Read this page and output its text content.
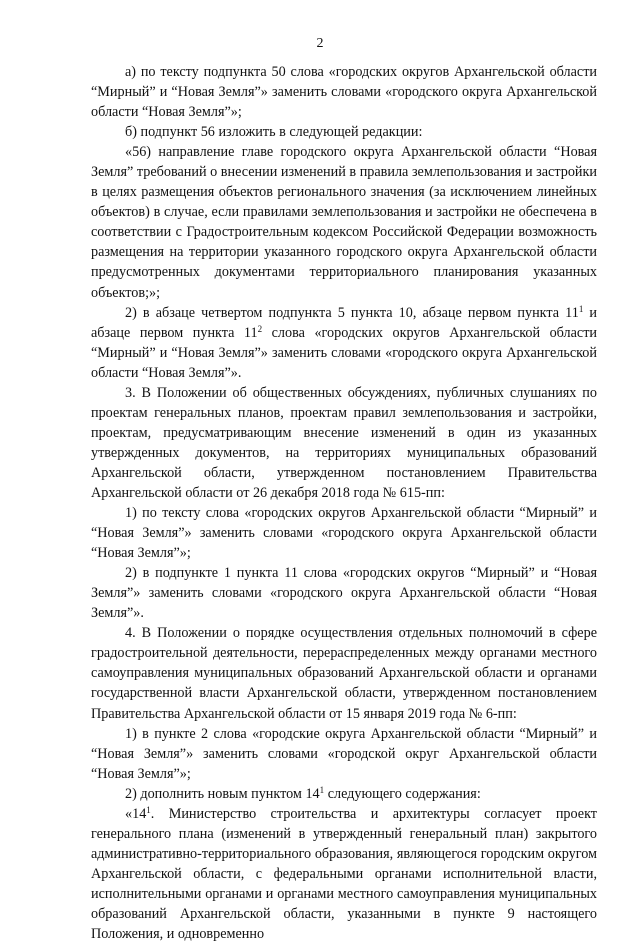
2

а) по тексту подпункта 50 слова «городских округов Архангельской области “Мирный” и “Новая Земля”» заменить словами «городского округа Архангельской области “Новая Земля”»;

б) подпункт 56 изложить в следующей редакции:

«56) направление главе городского округа Архангельской области “Новая Земля” требований о внесении изменений в правила землепользования и застройки в целях размещения объектов регионального значения (за исключением линейных объектов) в случае, если правилами землепользования и застройки не обеспечена в соответствии с Градостроительным кодексом Российской Федерации возможность размещения на территории указанного городского округа Архангельской области предусмотренных документами территориального планирования указанных объектов;»;

2) в абзаце четвертом подпункта 5 пункта 10, абзаце первом пункта $11^1$ и абзаце первом пункта $11^2$ слова «городских округов Архангельской области “Мирный” и “Новая Земля”» заменить словами «городского округа Архангельской области “Новая Земля”».

3. В Положении об общественных обсуждениях, публичных слушаниях по проектам генеральных планов, проектам правил землепользования и застройки, проектам, предусматривающим внесение изменений в один из указанных утвержденных документов, на территориях муниципальных образований Архангельской области, утвержденном постановлением Правительства Архангельской области от 26 декабря 2018 года № 615-пп:

1) по тексту слова «городских округов Архангельской области “Мирный” и “Новая Земля”» заменить словами «городского округа Архангельской области “Новая Земля”»;

2) в подпункте 1 пункта 11 слова «городских округов “Мирный” и “Новая Земля”» заменить словами «городского округа Архангельской области “Новая Земля”».

4. В Положении о порядке осуществления отдельных полномочий в сфере градостроительной деятельности, перераспределенных между органами местного самоуправления муниципальных образований Архангельской области и органами государственной власти Архангельской области, утвержденном постановлением Правительства Архангельской области от 15 января 2019 года № 6-пп:

1) в пункте 2 слова «городские округа Архангельской области “Мирный” и “Новая Земля”» заменить словами «городской округ Архангельской области “Новая Земля”»;

2) дополнить новым пунктом $14^1$ следующего содержания:

«$14^1$. Министерство строительства и архитектуры согласует проект генерального плана (изменений в утвержденный генеральный план) закрытого административно-территориального образования, являющегося городским округом Архангельской области, с федеральными органами исполнительной власти, исполнительными органами и органами местного самоуправления муниципальных образований Архангельской области, указанными в пункте 9 настоящего Положения, и одновременно
